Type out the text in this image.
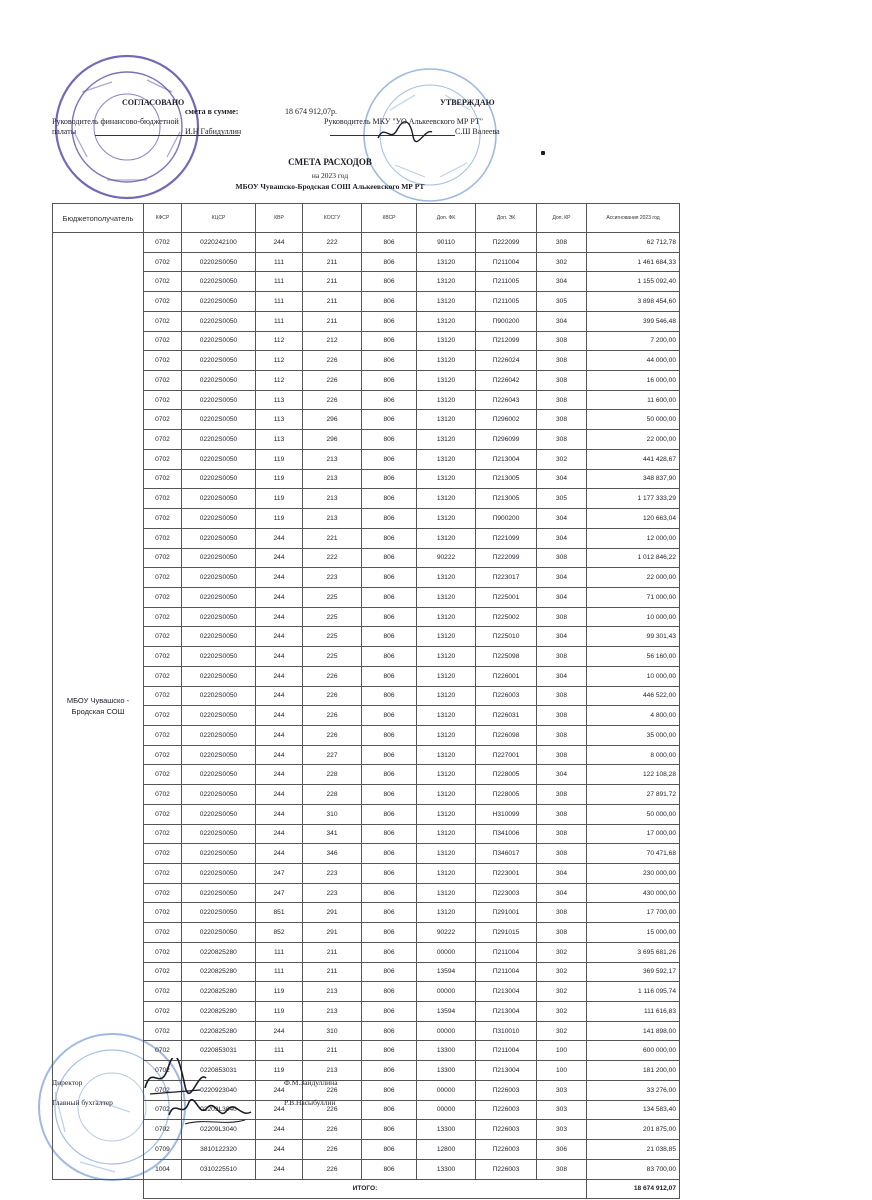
СОГЛАСОВАНО
смета в сумме:	18 674 912,07р.
УТВЕРЖДАЮ
Руководитель финансово-бюджетной
палаты	И.Н Габидуллин
Руководитель МКУ "УО Алькеевского МР РТ"
С.Ш Валеева
СМЕТА РАСХОДОВ
на 2023 год
МБОУ Чувашско-Бродская СОШ Алькеевского МР РТ
Бюджетополучатель	КФСР	КЦСР	КВР	КОСГУ	КВСР	Доп. ФК	Доп. ЭК	Доп. КР	Ассигнования 2023 год
МБОУ Чувашско - Бродская СОШ	0702	0220242100	244	222	806	90110	П222099	308	62 712,78
	0702	02202S0050	111	211	806	13120	П211004	302	1 461 684,33
	0702	02202S0050	111	211	806	13120	П211005	304	1 155 092,40
	0702	02202S0050	111	211	806	13120	П211005	305	3 898 454,60
	0702	02202S0050	111	211	806	13120	П900200	304	399 546,48
	0702	02202S0050	112	212	806	13120	П212099	308	7 200,00
	0702	02202S0050	112	226	806	13120	П226024	308	44 000,00
	0702	02202S0050	112	226	806	13120	П226042	308	16 000,00
	0702	02202S0050	113	226	806	13120	П226043	308	11 600,00
	0702	02202S0050	113	296	806	13120	П296002	308	50 000,00
	0702	02202S0050	113	296	806	13120	П296099	308	22 000,00
	0702	02202S0050	119	213	806	13120	П213004	302	441 428,67
	0702	02202S0050	119	213	806	13120	П213005	304	348 837,90
	0702	02202S0050	119	213	806	13120	П213005	305	1 177 333,29
	0702	02202S0050	119	213	806	13120	П900200	304	120 663,04
	0702	02202S0050	244	221	806	13120	П221099	304	12 000,00
	0702	02202S0050	244	222	806	90222	П222099	308	1 012 846,22
	0702	02202S0050	244	223	806	13120	П223017	304	22 000,00
	0702	02202S0050	244	225	806	13120	П225001	304	71 000,00
	0702	02202S0050	244	225	806	13120	П225002	308	10 000,00
	0702	02202S0050	244	225	806	13120	П225010	304	99 301,43
	0702	02202S0050	244	225	806	13120	П225098	308	56 160,00
	0702	02202S0050	244	226	806	13120	П226001	304	10 000,00
	0702	02202S0050	244	226	806	13120	П226003	308	446 522,00
	0702	02202S0050	244	226	806	13120	П226031	308	4 800,00
	0702	02202S0050	244	226	806	13120	П226098	308	35 000,00
	0702	02202S0050	244	227	806	13120	П227001	308	8 000,00
	0702	02202S0050	244	228	806	13120	П228005	304	122 108,28
	0702	02202S0050	244	228	806	13120	П228005	308	27 891,72
	0702	02202S0050	244	310	806	13120	Н310099	308	50 000,00
	0702	02202S0050	244	341	806	13120	П341006	308	17 000,00
	0702	02202S0050	244	346	806	13120	П346017	308	70 471,68
	0702	02202S0050	247	223	806	13120	П223001	304	230 000,00
	0702	02202S0050	247	223	806	13120	П223003	304	430 000,00
	0702	02202S0050	851	291	806	13120	П291001	308	17 700,00
	0702	02202S0050	852	291	806	90222	П291015	308	15 000,00
	0702	0220825280	111	211	806	00000	П211004	302	3 695 681,26
	0702	0220825280	111	211	806	13594	П211004	302	369 592,17
	0702	0220825280	119	213	806	00000	П213004	302	1 116 095,74
	0702	0220825280	119	213	806	13594	П213004	302	111 616,83
	0702	0220825280	244	310	806	00000	П310010	302	141 898,00
	0702	0220853031	111	211	806	13300	П211004	100	600 000,00
	0702	0220853031	119	213	806	13300	П213004	100	181 200,00
	0702	0220923040	244	226	806	00000	П226003	303	33 276,00
	0702	02209L3040	244	226	806	00000	П226003	303	134 583,40
	0702	02209L3040	244	226	806	13300	П226003	303	201 875,00
	0709	3810122320	244	226	806	12800	П226003	306	21 038,85
	1004	0310225510	244	226	806	13300	П226003	308	83 700,00
	ИТОГО:								18 674 912,07
Директор	Ф.М.Зайдуллина
Главный бухгалтер	Р.В.Насыбуллин
